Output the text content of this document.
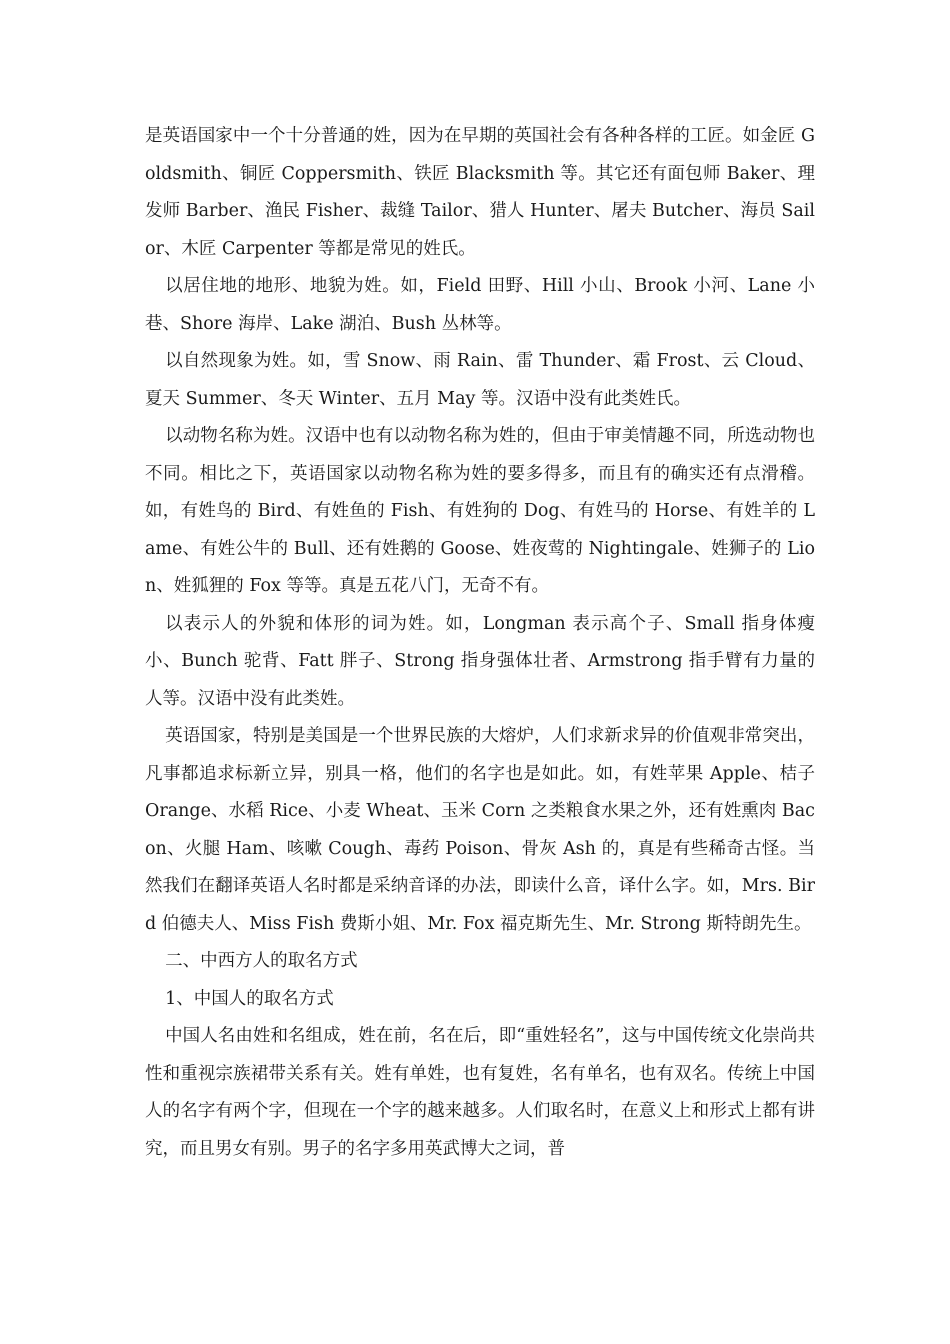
是英语国家中一个十分普通的姓，因为在早期的英国社会有各种各样的工匠。如金匠 Goldsmith、铜匠 Coppersmith、铁匠 Blacksmith 等。其它还有面包师 Baker、理发师 Barber、渔民 Fisher、裁缝 Tailor、猎人 Hunter、屠夫 Butcher、海员 Sailor、木匠 Carpenter 等都是常见的姓氏。

以居住地的地形、地貌为姓。如，Field 田野、Hill 小山、Brook 小河、Lane 小巷、Shore 海岸、Lake 湖泊、Bush 丛林等。

以自然现象为姓。如，雪 Snow、雨 Rain、雷 Thunder、霜 Frost、云 Cloud、夏天 Summer、冬天 Winter、五月 May 等。汉语中没有此类姓氏。

以动物名称为姓。汉语中也有以动物名称为姓的，但由于审美情趣不同，所选动物也不同。相比之下，英语国家以动物名称为姓的要多得多，而且有的确实还有点滑稽。如，有姓鸟的 Bird、有姓鱼的 Fish、有姓狗的 Dog、有姓马的 Horse、有姓羊的 Lame、有姓公牛的 Bull、还有姓鹅的 Goose、姓夜莺的 Nightingale、姓狮子的 Lion、姓狐狸的 Fox 等等。真是五花八门，无奇不有。

以表示人的外貌和体形的词为姓。如，Longman 表示高个子、Small 指身体瘦小、Bunch 驼背、Fatt 胖子、Strong 指身强体壮者、Armstrong 指手臂有力量的人等。汉语中没有此类姓。

英语国家，特别是美国是一个世界民族的大熔炉，人们求新求异的价值观非常突出，凡事都追求标新立异，别具一格，他们的名字也是如此。如，有姓苹果 Apple、桔子 Orange、水稻 Rice、小麦 Wheat、玉米 Corn 之类粮食水果之外，还有姓熏肉 Bacon、火腿 Ham、咳嗽 Cough、毒药 Poison、骨灰 Ash 的，真是有些稀奇古怪。当然我们在翻译英语人名时都是采纳音译的办法，即读什么音，译什么字。如，Mrs. Bird 伯德夫人、Miss Fish 费斯小姐、Mr. Fox 福克斯先生、Mr. Strong 斯特朗先生。

二、中西方人的取名方式

1、中国人的取名方式

中国人名由姓和名组成，姓在前，名在后，即“重姓轻名”，这与中国传统文化崇尚共性和重视宗族裙带关系有关。姓有单姓，也有复姓，名有单名，也有双名。传统上中国人的名字有两个字，但现在一个字的越来越多。人们取名时，在意义上和形式上都有讲究，而且男女有别。男子的名字多用英武博大之词，普
